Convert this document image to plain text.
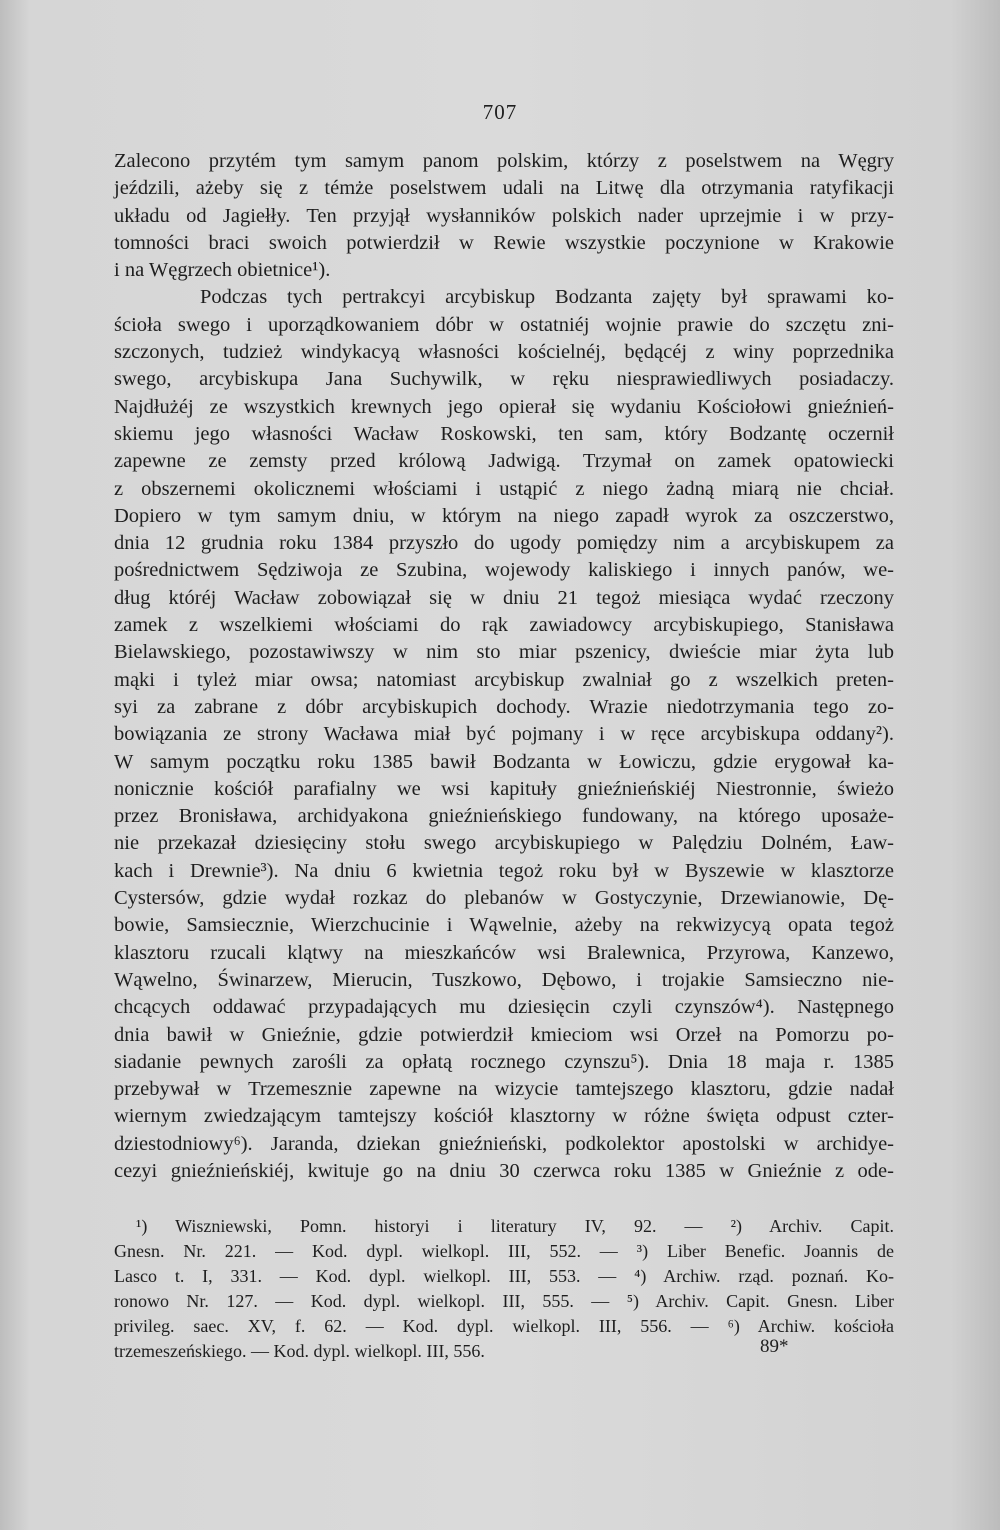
707
Zalecono przytém tym samym panom polskim, którzy z poselstwem na Węgry
jeździli, ażeby się z témże poselstwem udali na Litwę dla otrzymania ratyfikacji
układu od Jagiełły. Ten przyjął wysłanników polskich nader uprzejmie i w przy-
tomności braci swoich potwierdził w Rewie wszystkie poczynione w Krakowie
i na Węgrzech obietnice¹).
Podczas tych pertrakcyi arcybiskup Bodzanta zajęty był sprawami ko-
ścioła swego i uporządkowaniem dóbr w ostatniéj wojnie prawie do szczętu zni-
szczonych, tudzież windykacyą własności kościelnéj, będącéj z winy poprzednika
swego, arcybiskupa Jana Suchywilk, w ręku niesprawiedliwych posiadaczy.
Najdłużéj ze wszystkich krewnych jego opierał się wydaniu Kościołowi gnieźnień-
skiemu jego własności Wacław Roskowski, ten sam, który Bodzantę oczernił
zapewne ze zemsty przed królową Jadwigą. Trzymał on zamek opatowiecki
z obszernemi okolicznemi włościami i ustąpić z niego żadną miarą nie chciał.
Dopiero w tym samym dniu, w którym na niego zapadł wyrok za oszczerstwo,
dnia 12 grudnia roku 1384 przyszło do ugody pomiędzy nim a arcybiskupem za
pośrednictwem Sędziwoja ze Szubina, wojewody kaliskiego i innych panów, we-
dług któréj Wacław zobowiązał się w dniu 21 tegoż miesiąca wydać rzeczony
zamek z wszelkiemi włościami do rąk zawiadowcy arcybiskupiego, Stanisława
Bielawskiego, pozostawiwszy w nim sto miar pszenicy, dwieście miar żyta lub
mąki i tyleż miar owsa; natomiast arcybiskup zwalniał go z wszelkich preten-
syi za zabrane z dóbr arcybiskupich dochody. Wrazie niedotrzymania tego zo-
bowiązania ze strony Wacława miał być pojmany i w ręce arcybiskupa oddany²).
W samym początku roku 1385 bawił Bodzanta w Łowiczu, gdzie erygował ka-
nonicznie kościół parafialny we wsi kapituły gnieźnieńskiéj Niestronnie, świeżo
przez Bronisława, archidyakona gnieźnieńskiego fundowany, na którego uposaże-
nie przekazał dziesięciny stołu swego arcybiskupiego w Palędziu Dolném, Ław-
kach i Drewnie³). Na dniu 6 kwietnia tegoż roku był w Byszewie w klasztorze
Cystersów, gdzie wydał rozkaz do plebanów w Gostyczynie, Drzewianowie, Dę-
bowie, Samsiecznie, Wierzchucinie i Wąwelnie, ażeby na rekwizycyą opata tegoż
klasztoru rzucali klątwy na mieszkańców wsi Bralewnica, Przyrowa, Kanzewo,
Wąwelno, Świnarzew, Mierucin, Tuszkowo, Dębowo, i trojakie Samsieczno nie-
chcących oddawać przypadających mu dziesięcin czyli czynszów⁴). Następnego
dnia bawił w Gnieźnie, gdzie potwierdził kmieciom wsi Orzeł na Pomorzu po-
siadanie pewnych zarośli za opłatą rocznego czynszu⁵). Dnia 18 maja r. 1385
przebywał w Trzemesznie zapewne na wizycie tamtejszego klasztoru, gdzie nadał
wiernym zwiedzającym tamtejszy kościół klasztorny w różne święta odpust czter-
dziestodniowy⁶). Jaranda, dziekan gnieźnieński, podkolektor apostolski w archidye-
cezyi gnieźnieńskiéj, kwituje go na dniu 30 czerwca roku 1385 w Gnieźnie z ode-
¹) Wiszniewski, Pomn. historyi i literatury IV, 92. — ²) Archiv. Capit.
Gnesn. Nr. 221. — Kod. dypl. wielkopl. III, 552. — ³) Liber Benefic. Joannis de
Lasco t. I, 331. — Kod. dypl. wielkopl. III, 553. — ⁴) Archiw. rząd. poznań. Ko-
ronowo Nr. 127. — Kod. dypl. wielkopl. III, 555. — ⁵) Archiv. Capit. Gnesn. Liber
privileg. saec. XV, f. 62. — Kod. dypl. wielkopl. III, 556. — ⁶) Archiw. kościoła
trzemeszeńskiego. — Kod. dypl. wielkopl. III, 556.	89*
